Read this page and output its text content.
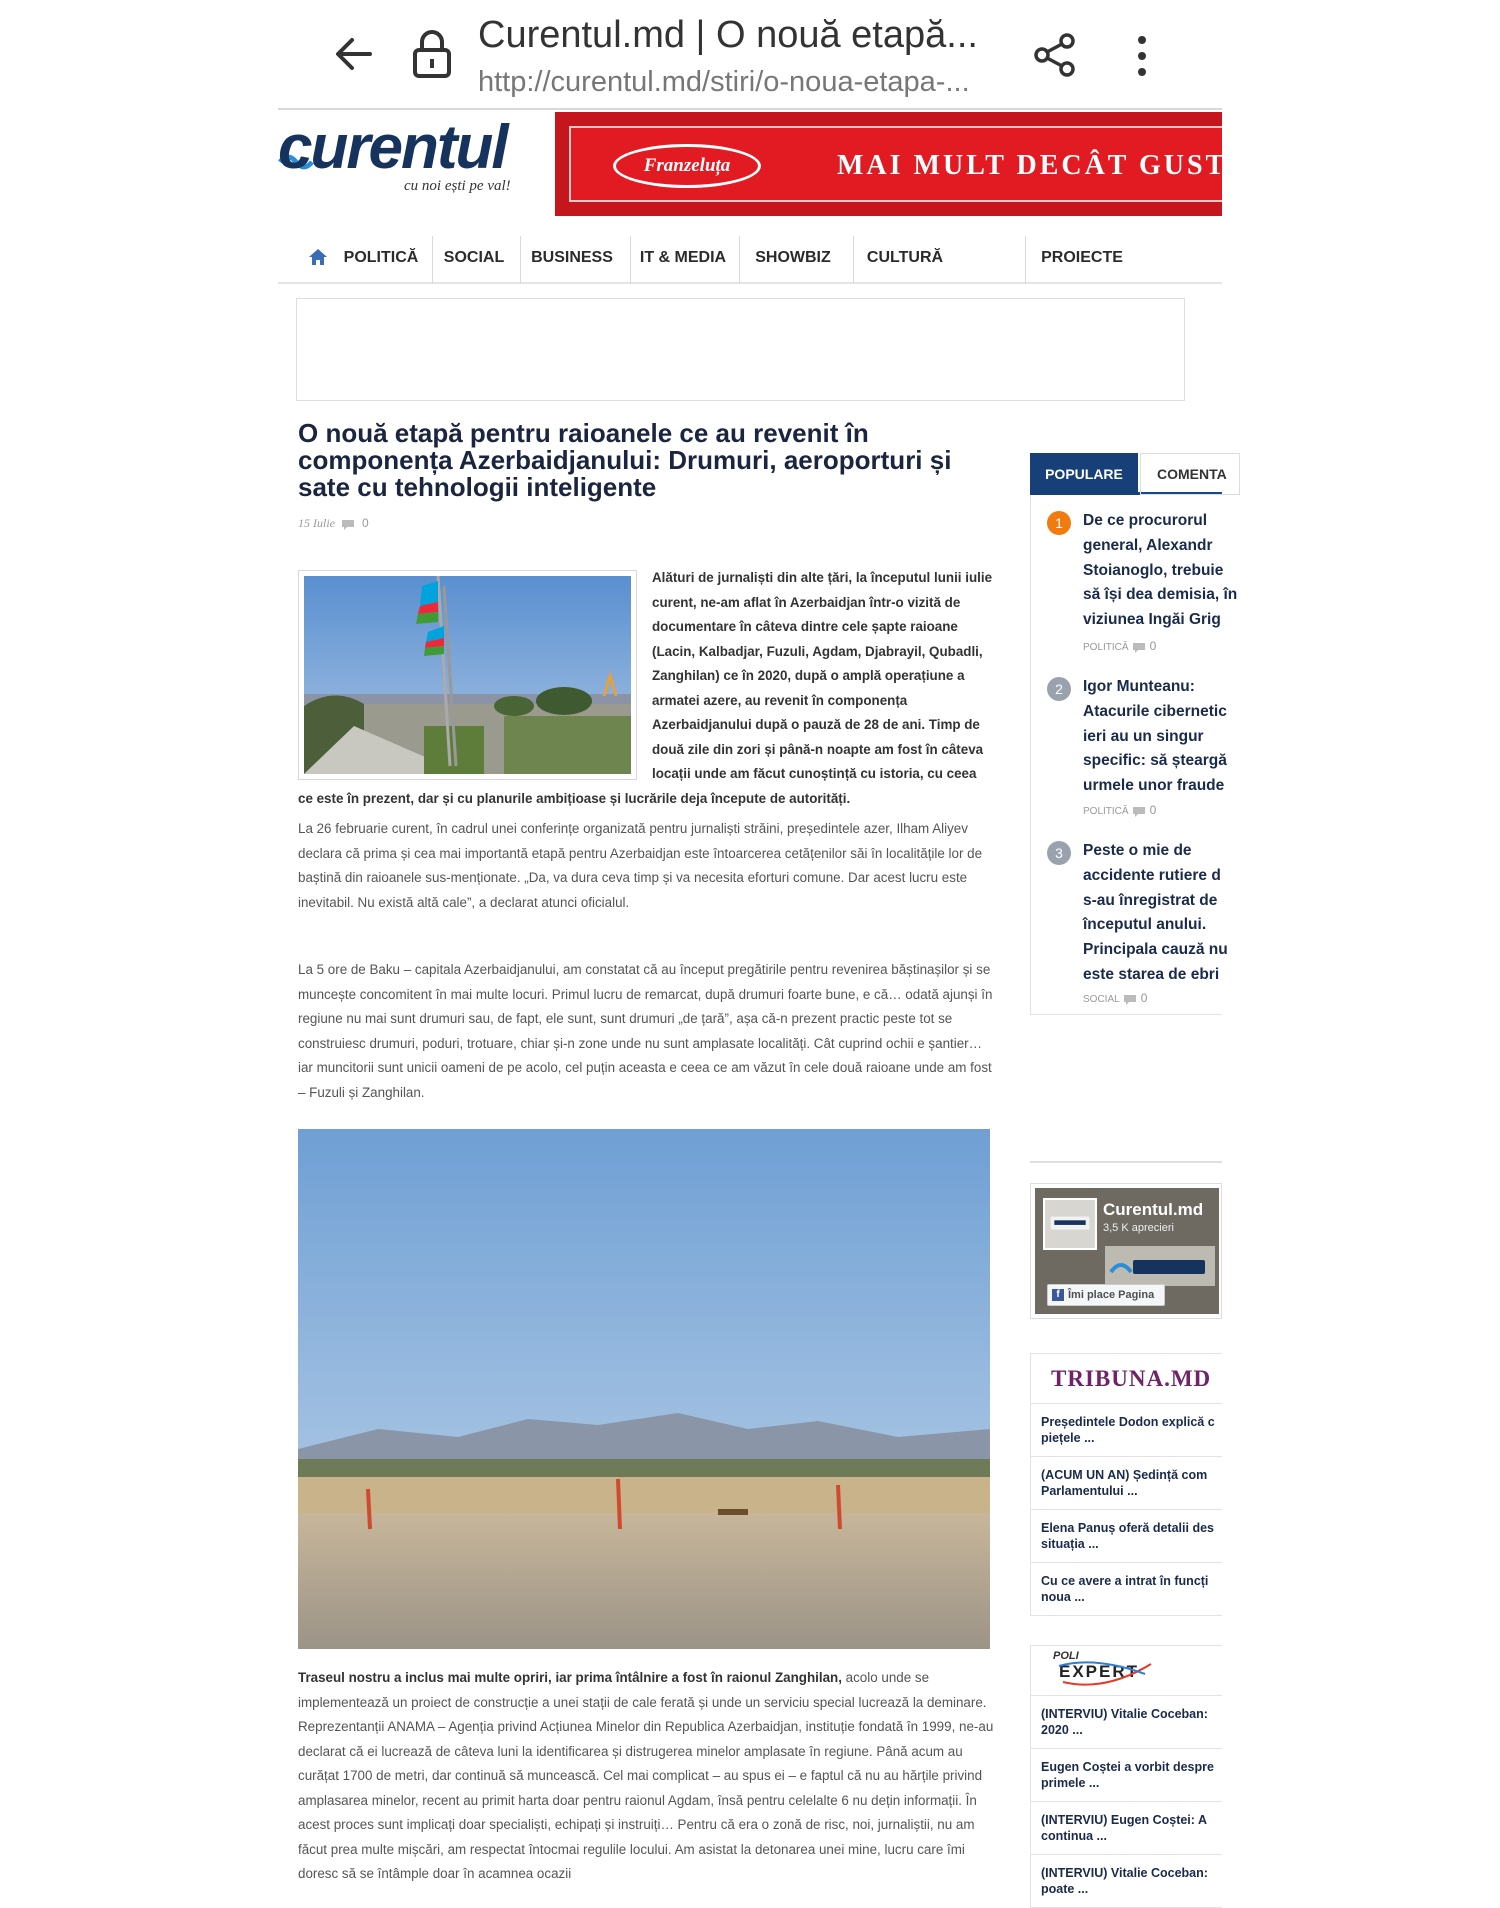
Curentul.md | O nouă etapă...
http://curentul.md/stiri/o-noua-etapa-...
curentul
cu noi ești pe val!
Franzeluța	MAI MULT DECÂT GUST!
POLITICĂ	SOCIAL	BUSINESS	IT & MEDIA	SHOWBIZ	CULTURĂ	PROIECTE
O nouă etapă pentru raioanele ce au revenit în componența Azerbaidjanului: Drumuri, aeroporturi și sate cu tehnologii inteligente
15 Iulie 0
Alături de jurnaliști din alte țări, la începutul lunii iulie curent, ne-am aflat în Azerbaidjan într-o vizită de documentare în câteva dintre cele șapte raioane (Lacin, Kalbadjar, Fuzuli, Agdam, Djabrayil, Qubadli, Zanghilan) ce în 2020, după o amplă operațiune a armatei azere, au revenit în componența Azerbaidjanului după o pauză de 28 de ani. Timp de două zile din zori și până-n noapte am fost în câteva locații unde am făcut cunoștință cu istoria, cu ceea ce este în prezent, dar și cu planurile ambițioase și lucrările deja începute de autorități.
La 26 februarie curent, în cadrul unei conferințe organizată pentru jurnaliști străini, președintele azer, Ilham Aliyev declara că prima și cea mai importantă etapă pentru Azerbaidjan este întoarcerea cetățenilor săi în localitățile lor de baștină din raioanele sus-menționate. „Da, va dura ceva timp și va necesita eforturi comune. Dar acest lucru este inevitabil. Nu există altă cale”, a declarat atunci oficialul.
La 5 ore de Baku – capitala Azerbaidjanului, am constatat că au început pregătirile pentru revenirea băștinașilor și se muncește concomitent în mai multe locuri. Primul lucru de remarcat, după drumuri foarte bune, e că… odată ajunși în regiune nu mai sunt drumuri sau, de fapt, ele sunt, sunt drumuri „de țară”, așa că-n prezent practic peste tot se construiesc drumuri, poduri, trotuare, chiar și-n zone unde nu sunt amplasate localități. Cât cuprind ochii e șantier… iar muncitorii sunt unicii oameni de pe acolo, cel puțin aceasta e ceea ce am văzut în cele două raioane unde am fost – Fuzuli și Zanghilan.
Traseul nostru a inclus mai multe opriri, iar prima întâlnire a fost în raionul Zanghilan, acolo unde se implementează un proiect de construcție a unei stații de cale ferată și unde un serviciu special lucrează la deminare. Reprezentanții ANAMA – Agenția privind Acțiunea Minelor din Republica Azerbaidjan, instituție fondată în 1999, ne-au declarat că ei lucrează de câteva luni la identificarea și distrugerea minelor amplasate în regiune. Până acum au curățat 1700 de metri, dar continuă să muncească. Cel mai complicat – au spus ei – e faptul că nu au hărțile privind amplasarea minelor, recent au primit harta doar pentru raionul Agdam, însă pentru celelalte 6 nu dețin informații. În acest proces sunt implicați doar specialiști, echipați și instruiți… Pentru că era o zonă de risc, noi, jurnaliștii, nu am făcut prea multe mișcări, am respectat întocmai regulile locului. Am asistat la detonarea unei mine, lucru care îmi doresc să se întâmple doar în acamnea ocazii
POPULARE	COMENTA
1	De ce procurorul
general, Alexandr
Stoianoglo, trebuie
să își dea demisia, în
viziunea Ingăi Grig
POLITICĂ 0
2	Igor Munteanu:
Atacurile cibernetic
ieri au un singur
specific: să șteargă
urmele unor fraude
POLITICĂ 0
3	Peste o mie de
accidente rutiere d
s-au înregistrat de
începutul anului.
Principala cauză nu
este starea de ebri
SOCIAL 0
Curentul.md
3,5 K aprecieri
f Îmi place Pagina
TRIBUNA.MD
Președintele Dodon explică c
piețele ...
(ACUM UN AN) Ședință com
Parlamentului ...
Elena Panuș oferă detalii des
situația ...
Cu ce avere a intrat în funcți
noua ...
POLI
EXPERT
(INTERVIU) Vitalie Coceban:
2020 ...
Eugen Coștei a vorbit despre
primele ...
(INTERVIU) Eugen Coștei: A
continua ...
(INTERVIU) Vitalie Coceban:
poate ...
